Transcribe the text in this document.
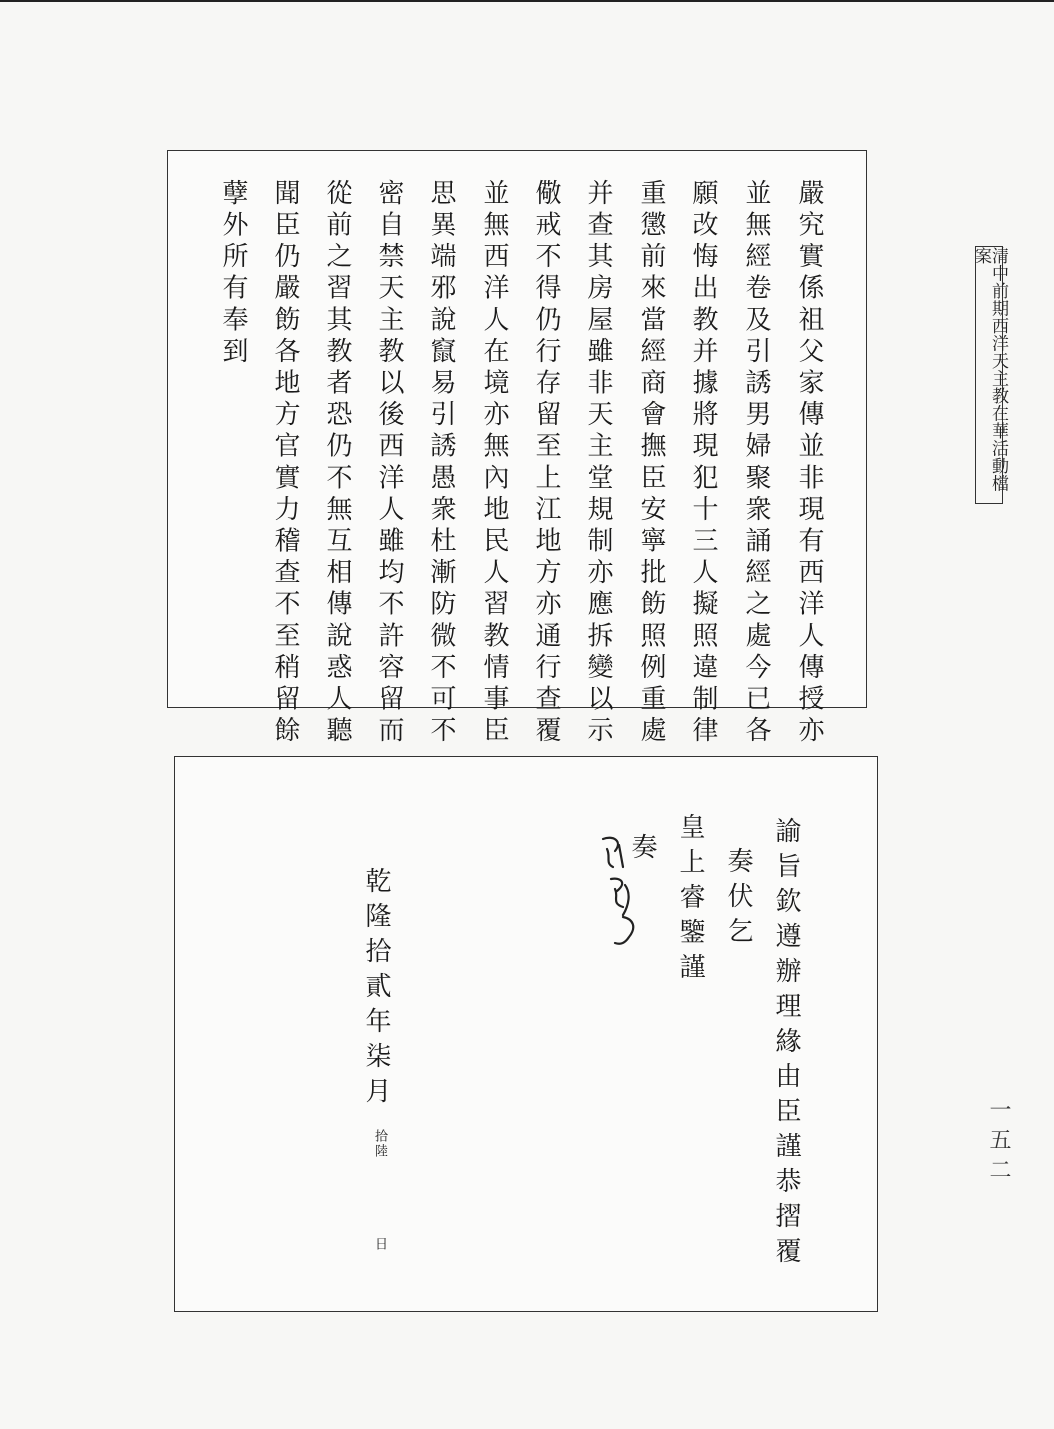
嚴究實係祖父家傳並非現有西洋人傳授亦
並無經卷及引誘男婦聚衆誦經之處今已各
願改悔出教并據將現犯十三人擬照違制律
重懲前來當經商會撫臣安寧批飭照例重處
并查其房屋雖非天主堂規制亦應拆變以示
儆戒不得仍行存留至上江地方亦通行查覆
並無西洋人在境亦無內地民人習教情事臣
思異端邪說竄易引誘愚衆杜漸防微不可不
密自禁天主教以後西洋人雖均不許容留而
從前之習其教者恐仍不無互相傳說惑人聽
聞臣仍嚴飭各地方官實力稽查不至稍留餘
孽外所有奉到
諭旨欽遵辦理緣由臣謹恭摺覆
奏伏乞
皇上睿鑒謹
奏
乾隆拾貳年柒月
拾陸
日
清中前期西洋天主教在華活動檔案
一五二
